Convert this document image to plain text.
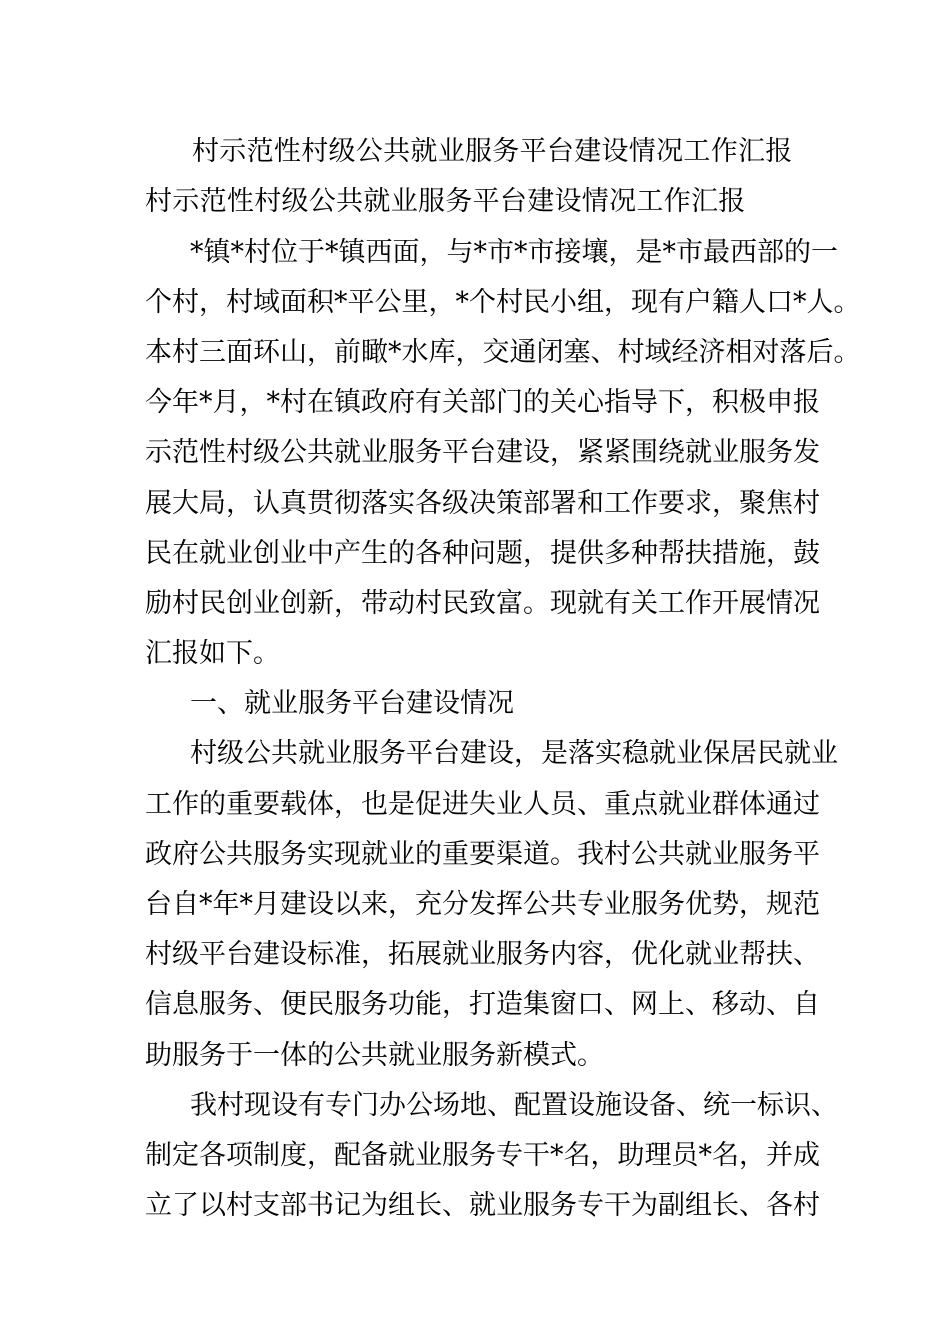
村示范性村级公共就业服务平台建设情况工作汇报
村示范性村级公共就业服务平台建设情况工作汇报
*镇*村位于*镇西面，与*市*市接壤，是*市最西部的一
个村，村域面积*平公里，*个村民小组，现有户籍人口*人。
本村三面环山，前瞰*水库，交通闭塞、村域经济相对落后。
今年*月，*村在镇政府有关部门的关心指导下，积极申报
示范性村级公共就业服务平台建设，紧紧围绕就业服务发
展大局，认真贯彻落实各级决策部署和工作要求，聚焦村
民在就业创业中产生的各种问题，提供多种帮扶措施，鼓
励村民创业创新，带动村民致富。现就有关工作开展情况
汇报如下。
一、就业服务平台建设情况
村级公共就业服务平台建设，是落实稳就业保居民就业
工作的重要载体，也是促进失业人员、重点就业群体通过
政府公共服务实现就业的重要渠道。我村公共就业服务平
台自*年*月建设以来，充分发挥公共专业服务优势，规范
村级平台建设标准，拓展就业服务内容，优化就业帮扶、
信息服务、便民服务功能，打造集窗口、网上、移动、自
助服务于一体的公共就业服务新模式。
我村现设有专门办公场地、配置设施设备、统一标识、
制定各项制度，配备就业服务专干*名，助理员*名，并成
立了以村支部书记为组长、就业服务专干为副组长、各村
